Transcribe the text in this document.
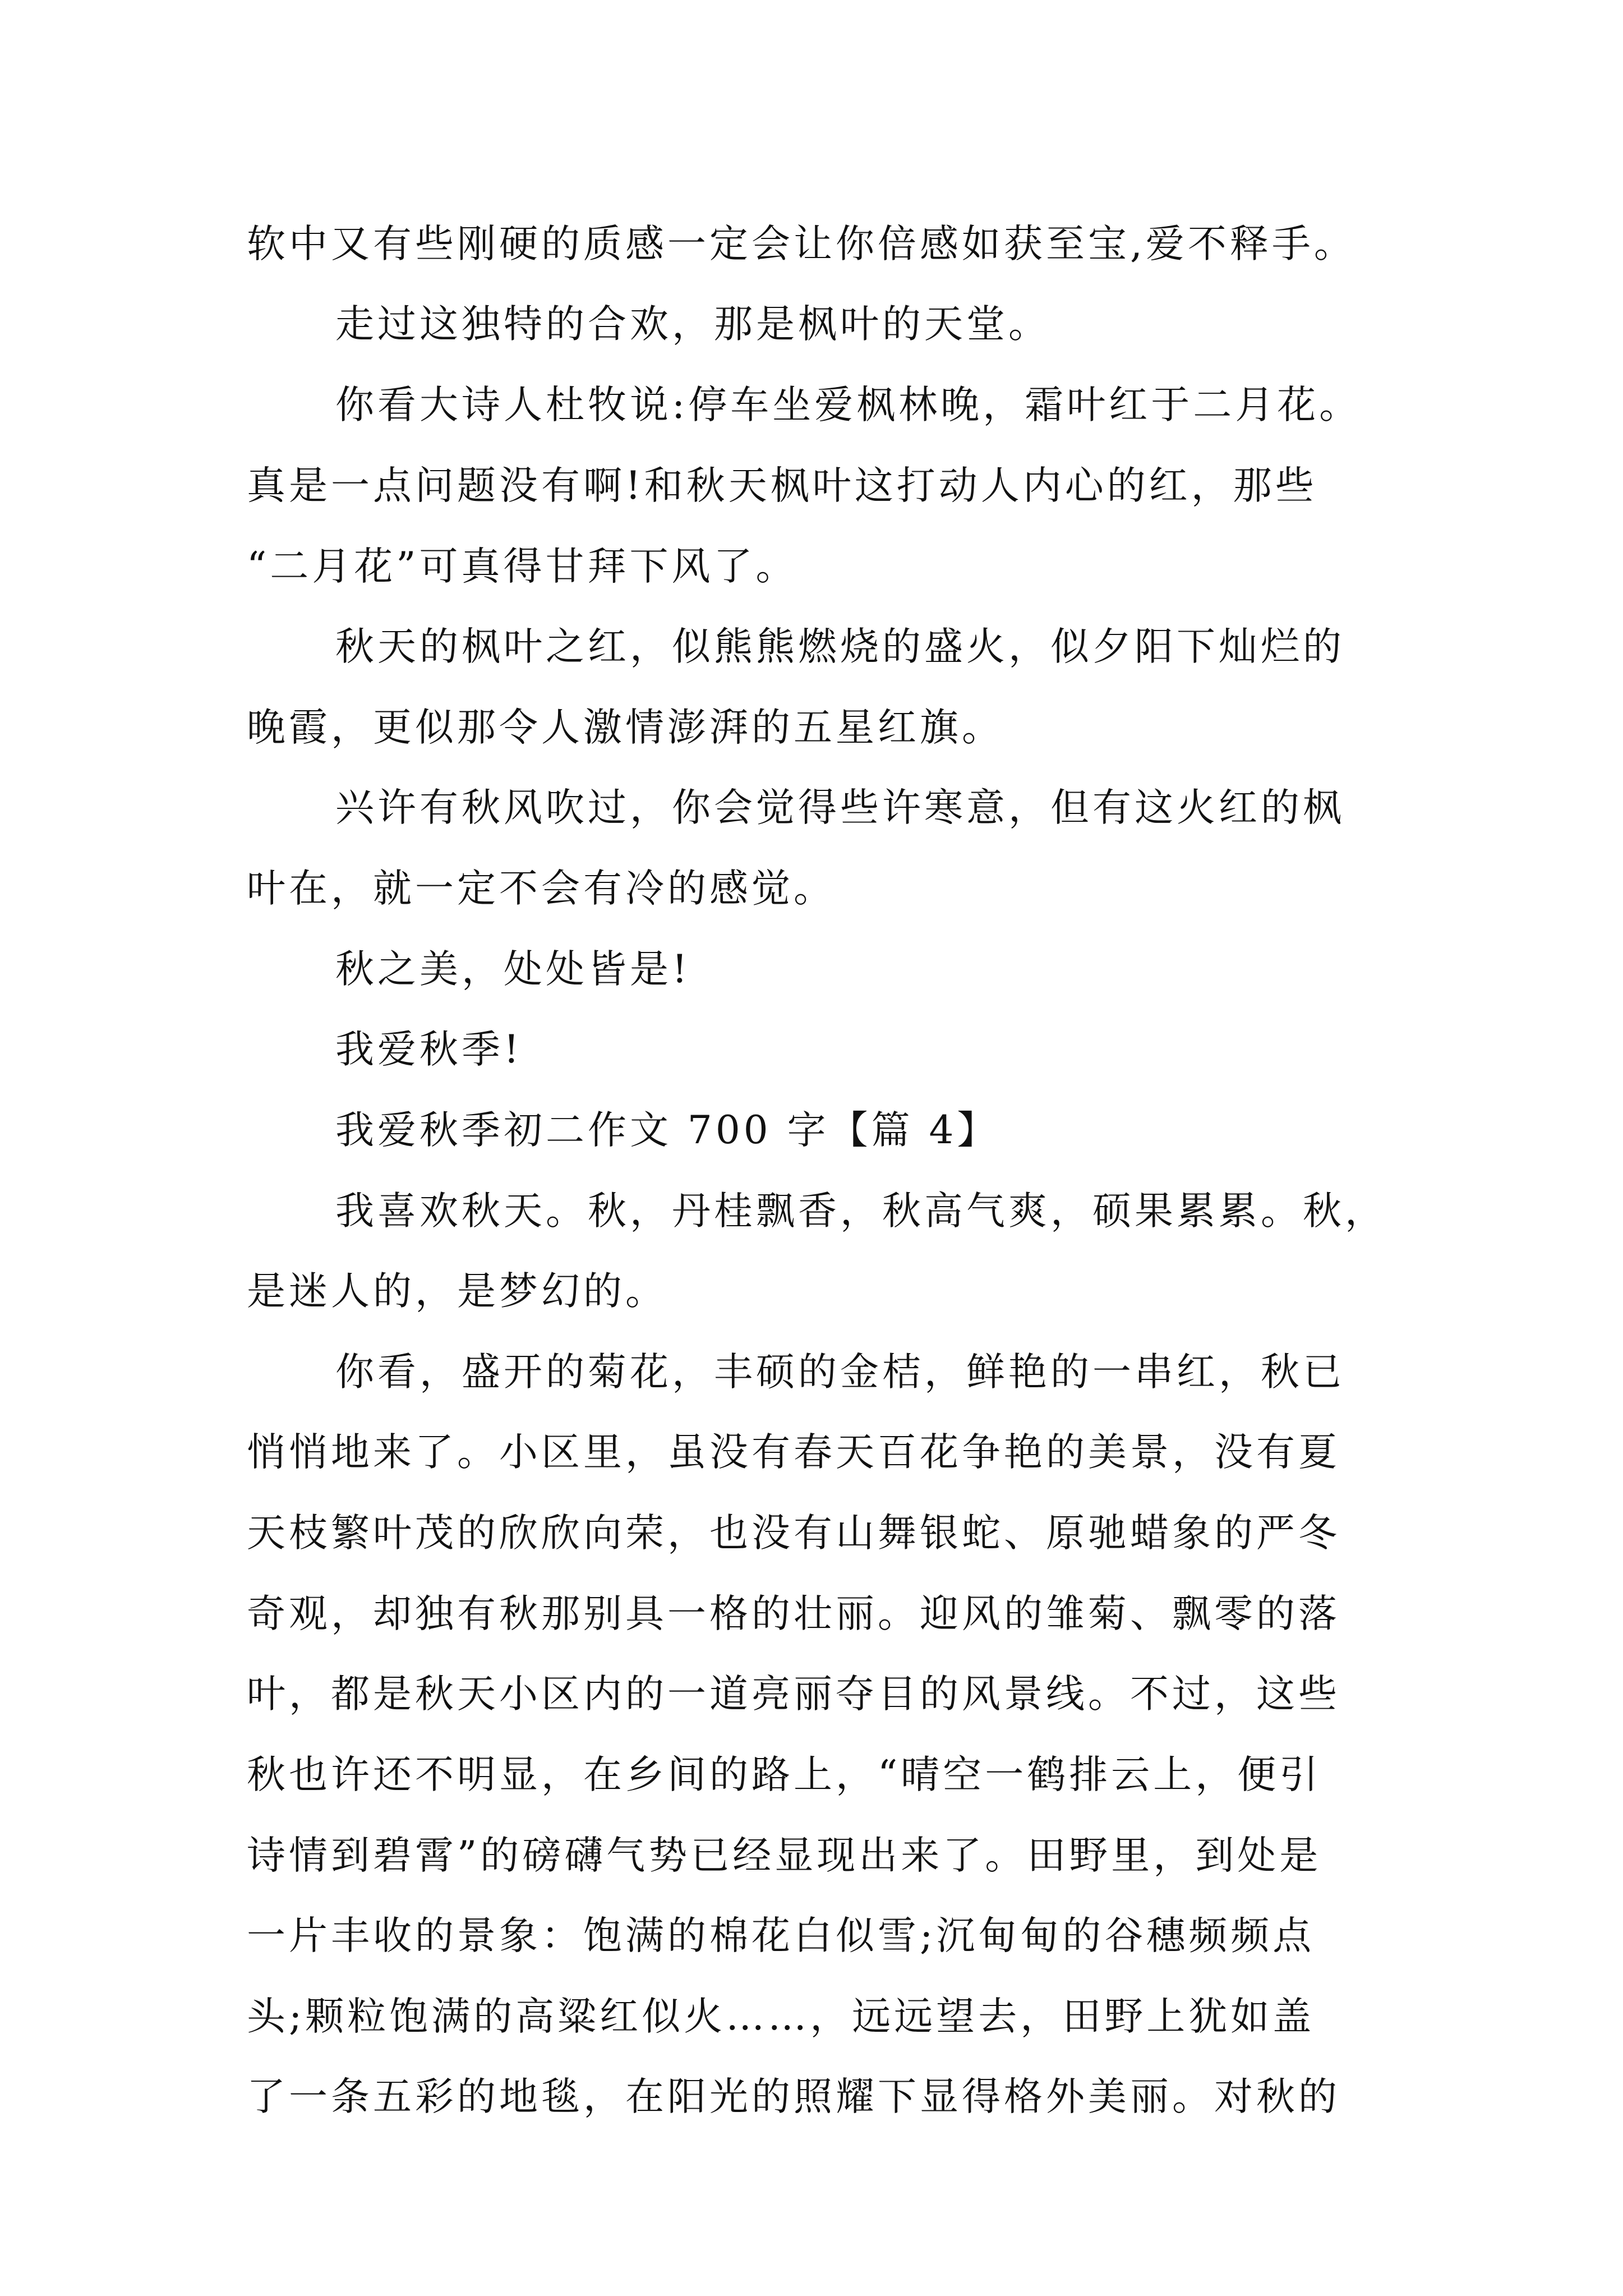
软中又有些刚硬的质感一定会让你倍感如获至宝,爱不释手。
走过这独特的合欢，那是枫叶的天堂。
你看大诗人杜牧说:停车坐爱枫林晚，霜叶红于二月花。
真是一点问题没有啊!和秋天枫叶这打动人内心的红，那些
“二月花”可真得甘拜下风了。
秋天的枫叶之红，似熊熊燃烧的盛火，似夕阳下灿烂的
晚霞，更似那令人激情澎湃的五星红旗。
兴许有秋风吹过，你会觉得些许寒意，但有这火红的枫
叶在，就一定不会有冷的感觉。
秋之美，处处皆是!
我爱秋季!
我爱秋季初二作文 700 字【篇 4】
我喜欢秋天。秋，丹桂飘香，秋高气爽，硕果累累。秋，
是迷人的，是梦幻的。
你看，盛开的菊花，丰硕的金桔，鲜艳的一串红，秋已
悄悄地来了。小区里，虽没有春天百花争艳的美景，没有夏
天枝繁叶茂的欣欣向荣，也没有山舞银蛇、原驰蜡象的严冬
奇观，却独有秋那别具一格的壮丽。迎风的雏菊、飘零的落
叶，都是秋天小区内的一道亮丽夺目的风景线。不过，这些
秋也许还不明显，在乡间的路上，“晴空一鹤排云上，便引
诗情到碧霄”的磅礴气势已经显现出来了。田野里，到处是
一片丰收的景象：饱满的棉花白似雪;沉甸甸的谷穗频频点
头;颗粒饱满的高粱红似火……，远远望去，田野上犹如盖
了一条五彩的地毯，在阳光的照耀下显得格外美丽。对秋的
